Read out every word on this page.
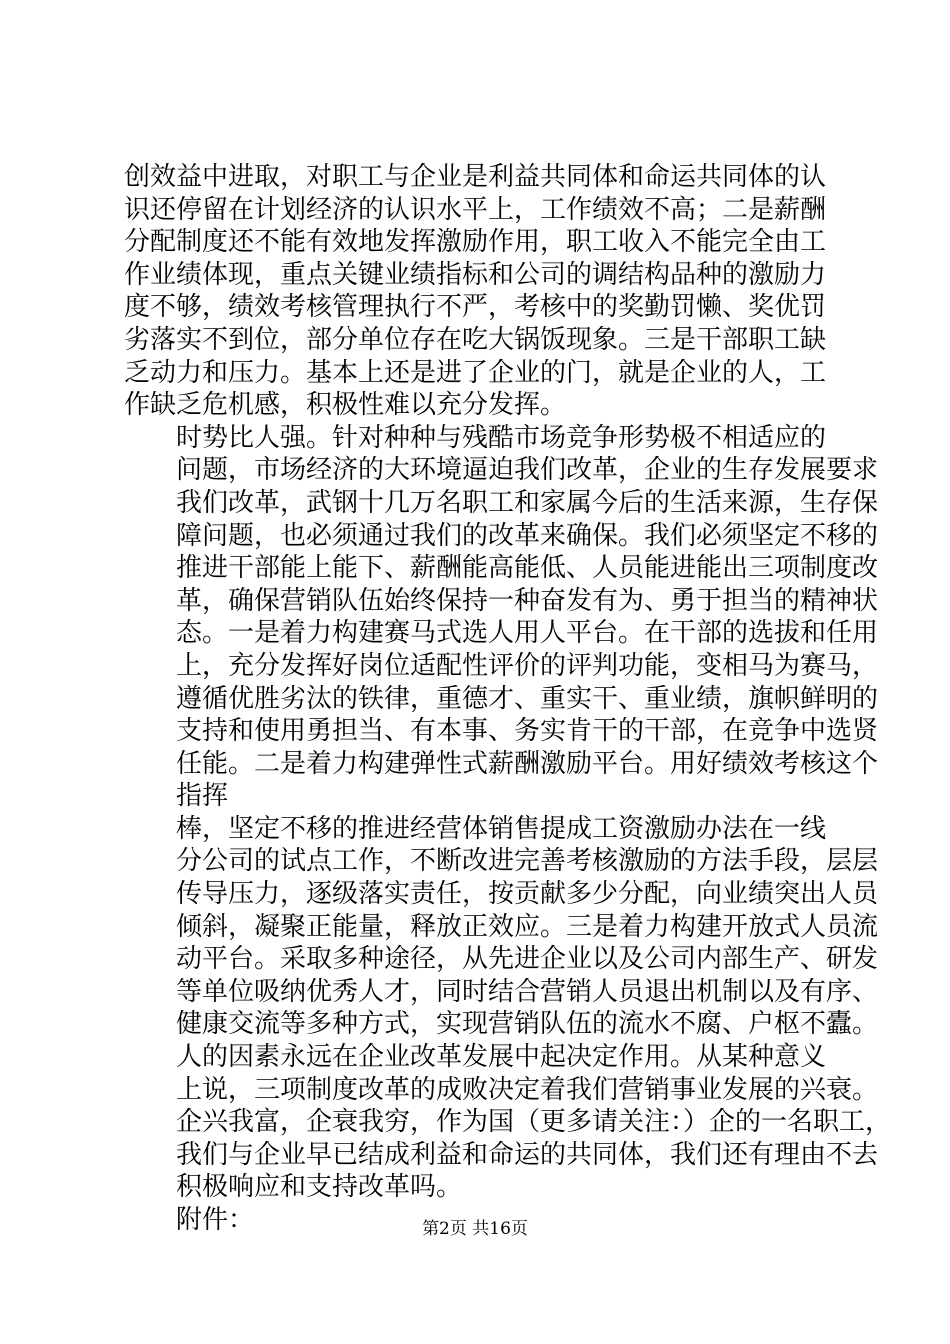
创效益中进取，对职工与企业是利益共同体和命运共同体的认
识还停留在计划经济的认识水平上，工作绩效不高；二是薪酬
分配制度还不能有效地发挥激励作用，职工收入不能完全由工
作业绩体现，重点关键业绩指标和公司的调结构品种的激励力
度不够，绩效考核管理执行不严，考核中的奖勤罚懒、奖优罚
劣落实不到位，部分单位存在吃大锅饭现象。三是干部职工缺
乏动力和压力。基本上还是进了企业的门，就是企业的人，工
作缺乏危机感，积极性难以充分发挥。

时势比人强。针对种种与残酷市场竞争形势极不相适应的
问题，市场经济的大环境逼迫我们改革，企业的生存发展要求
我们改革，武钢十几万名职工和家属今后的生活来源，生存保
障问题，也必须通过我们的改革来确保。我们必须坚定不移的
推进干部能上能下、薪酬能高能低、人员能进能出三项制度改
革，确保营销队伍始终保持一种奋发有为、勇于担当的精神状
态。一是着力构建赛马式选人用人平台。在干部的选拔和任用
上，充分发挥好岗位适配性评价的评判功能，变相马为赛马，
遵循优胜劣汰的铁律，重德才、重实干、重业绩，旗帜鲜明的
支持和使用勇担当、有本事、务实肯干的干部，在竞争中选贤
任能。二是着力构建弹性式薪酬激励平台。用好绩效考核这个
指挥

棒，坚定不移的推进经营体销售提成工资激励办法在一线
分公司的试点工作，不断改进完善考核激励的方法手段，层层
传导压力，逐级落实责任，按贡献多少分配，向业绩突出人员
倾斜，凝聚正能量，释放正效应。三是着力构建开放式人员流
动平台。采取多种途径，从先进企业以及公司内部生产、研发
等单位吸纳优秀人才，同时结合营销人员退出机制以及有序、
健康交流等多种方式，实现营销队伍的流水不腐、户枢不蠹。

人的因素永远在企业改革发展中起决定作用。从某种意义
上说，三项制度改革的成败决定着我们营销事业发展的兴衰。
企兴我富，企衰我穷，作为国（更多请关注：）企的一名职工，
我们与企业早已结成利益和命运的共同体，我们还有理由不去
积极响应和支持改革吗。

附件：	第2页 共16页
